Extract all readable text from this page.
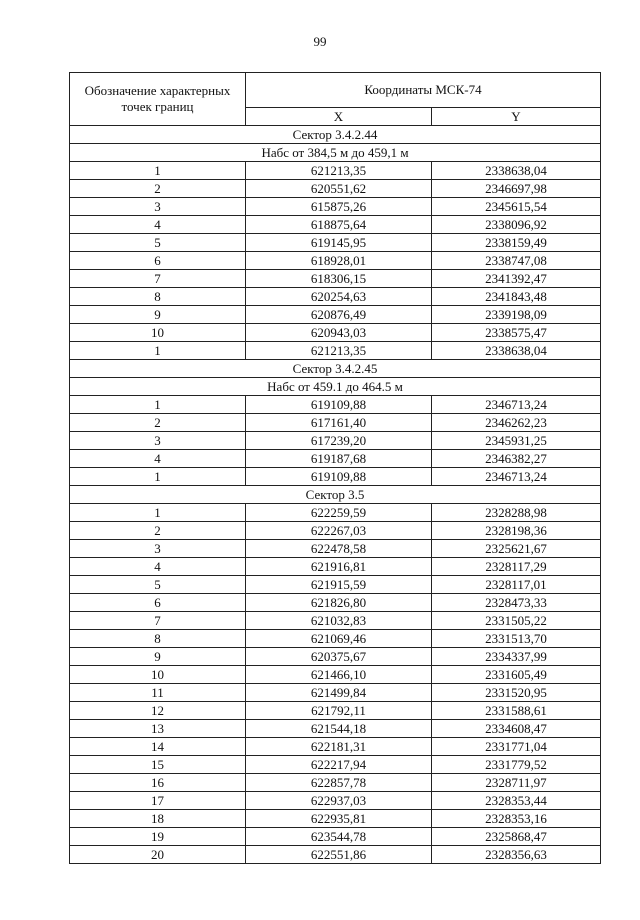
99
Обозначение характерных точек границ	Координаты МСК-74	
	X	Y
Сектор 3.4.2.44		
Набс от 384,5 м до 459,1 м		
1	621213,35	2338638,04
2	620551,62	2346697,98
3	615875,26	2345615,54
4	618875,64	2338096,92
5	619145,95	2338159,49
6	618928,01	2338747,08
7	618306,15	2341392,47
8	620254,63	2341843,48
9	620876,49	2339198,09
10	620943,03	2338575,47
1	621213,35	2338638,04
Сектор 3.4.2.45		
Набс от 459.1 до 464.5 м		
1	619109,88	2346713,24
2	617161,40	2346262,23
3	617239,20	2345931,25
4	619187,68	2346382,27
1	619109,88	2346713,24
Сектор 3.5		
1	622259,59	2328288,98
2	622267,03	2328198,36
3	622478,58	2325621,67
4	621916,81	2328117,29
5	621915,59	2328117,01
6	621826,80	2328473,33
7	621032,83	2331505,22
8	621069,46	2331513,70
9	620375,67	2334337,99
10	621466,10	2331605,49
11	621499,84	2331520,95
12	621792,11	2331588,61
13	621544,18	2334608,47
14	622181,31	2331771,04
15	622217,94	2331779,52
16	622857,78	2328711,97
17	622937,03	2328353,44
18	622935,81	2328353,16
19	623544,78	2325868,47
20	622551,86	2328356,63
